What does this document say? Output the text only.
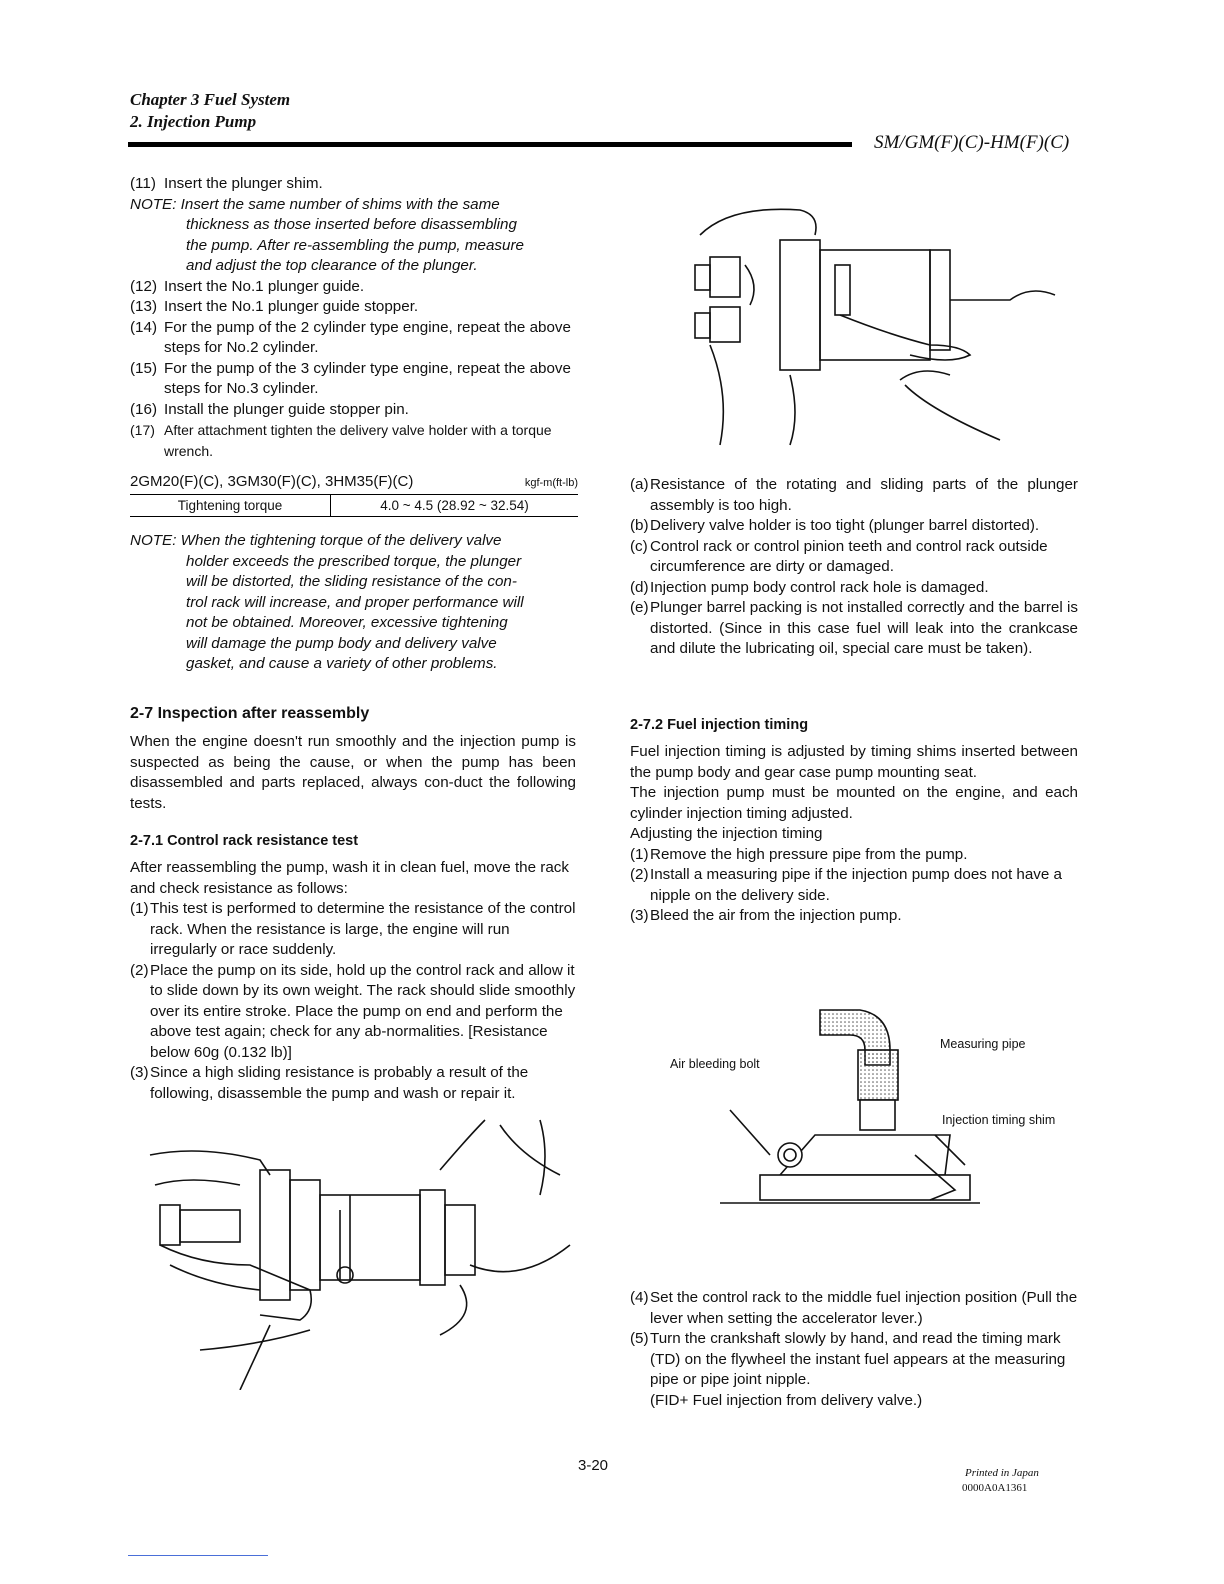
Chapter 3 Fuel System
2. Injection Pump
SM/GM(F)(C)-HM(F)(C)
(11) Insert the plunger shim.
NOTE: Insert the same number of shims with the same
thickness as those inserted before disassembling
the pump. After re-assembling the pump, measure
and adjust the top clearance of the plunger.
(12) Insert the No.1 plunger guide.
(13) Insert the No.1 plunger guide stopper.
(14) For the pump of the 2 cylinder type engine, repeat the above steps for No.2 cylinder.
(15) For the pump of the 3 cylinder type engine, repeat the above steps for No.3 cylinder.
(16) Install the plunger guide stopper pin.
(17) After attachment tighten the delivery valve holder with a torque wrench.
2GM20(F)(C), 3GM30(F)(C), 3HM35(F)(C)	kgf-m(ft-lb)
Tightening torque	4.0 ~ 4.5 (28.92 ~ 32.54)
NOTE: When the tightening torque of the delivery valve
holder exceeds the prescribed torque, the plunger
will be distorted, the sliding resistance of the con-
trol rack will increase, and proper performance will
not be obtained. Moreover, excessive tightening
will damage the pump body and delivery valve
gasket, and cause a variety of other problems.
2-7 Inspection after reassembly
When the engine doesn't run smoothly and the injection pump is suspected as being the cause, or when the pump has been disassembled and parts replaced, always con-duct the following tests.
2-7.1 Control rack resistance test
After reassembling the pump, wash it in clean fuel, move the rack and check resistance as follows:
(1) This test is performed to determine the resistance of the control rack. When the resistance is large, the engine will run irregularly or race suddenly.
(2) Place the pump on its side, hold up the control rack and allow it to slide down by its own weight. The rack should slide smoothly over its entire stroke. Place the pump on end and perform the above test again; check for any ab-normalities. [Resistance below 60g (0.132 lb)]
(3) Since a high sliding resistance is probably a result of the following, disassemble the pump and wash or repair it.
(a) Resistance of the rotating and sliding parts of the plunger assembly is too high.
(b) Delivery valve holder is too tight (plunger barrel distorted).
(c) Control rack or control pinion teeth and control rack outside circumference are dirty or damaged.
(d) Injection pump body control rack hole is damaged.
(e) Plunger barrel packing is not installed correctly and the barrel is distorted. (Since in this case fuel will leak into the crankcase and dilute the lubricating oil, special care must be taken).
2-7.2 Fuel injection timing
Fuel injection timing is adjusted by timing shims inserted between the pump body and gear case pump mounting seat.
The injection pump must be mounted on the engine, and each cylinder injection timing adjusted.
Adjusting the injection timing
(1) Remove the high pressure pipe from the pump.
(2) Install a measuring pipe if the injection pump does not have a nipple on the delivery side.
(3) Bleed the air from the injection pump.
Measuring pipe
Air bleeding bolt
Injection timing shim
(4) Set the control rack to the middle fuel injection position (Pull the lever when setting the accelerator lever.)
(5) Turn the crankshaft slowly by hand, and read the timing mark (TD) on the flywheel the instant fuel appears at the measuring pipe or pipe joint nipple.
(FID+ Fuel injection from delivery valve.)
3-20	Printed in Japan
0000A0A1361
